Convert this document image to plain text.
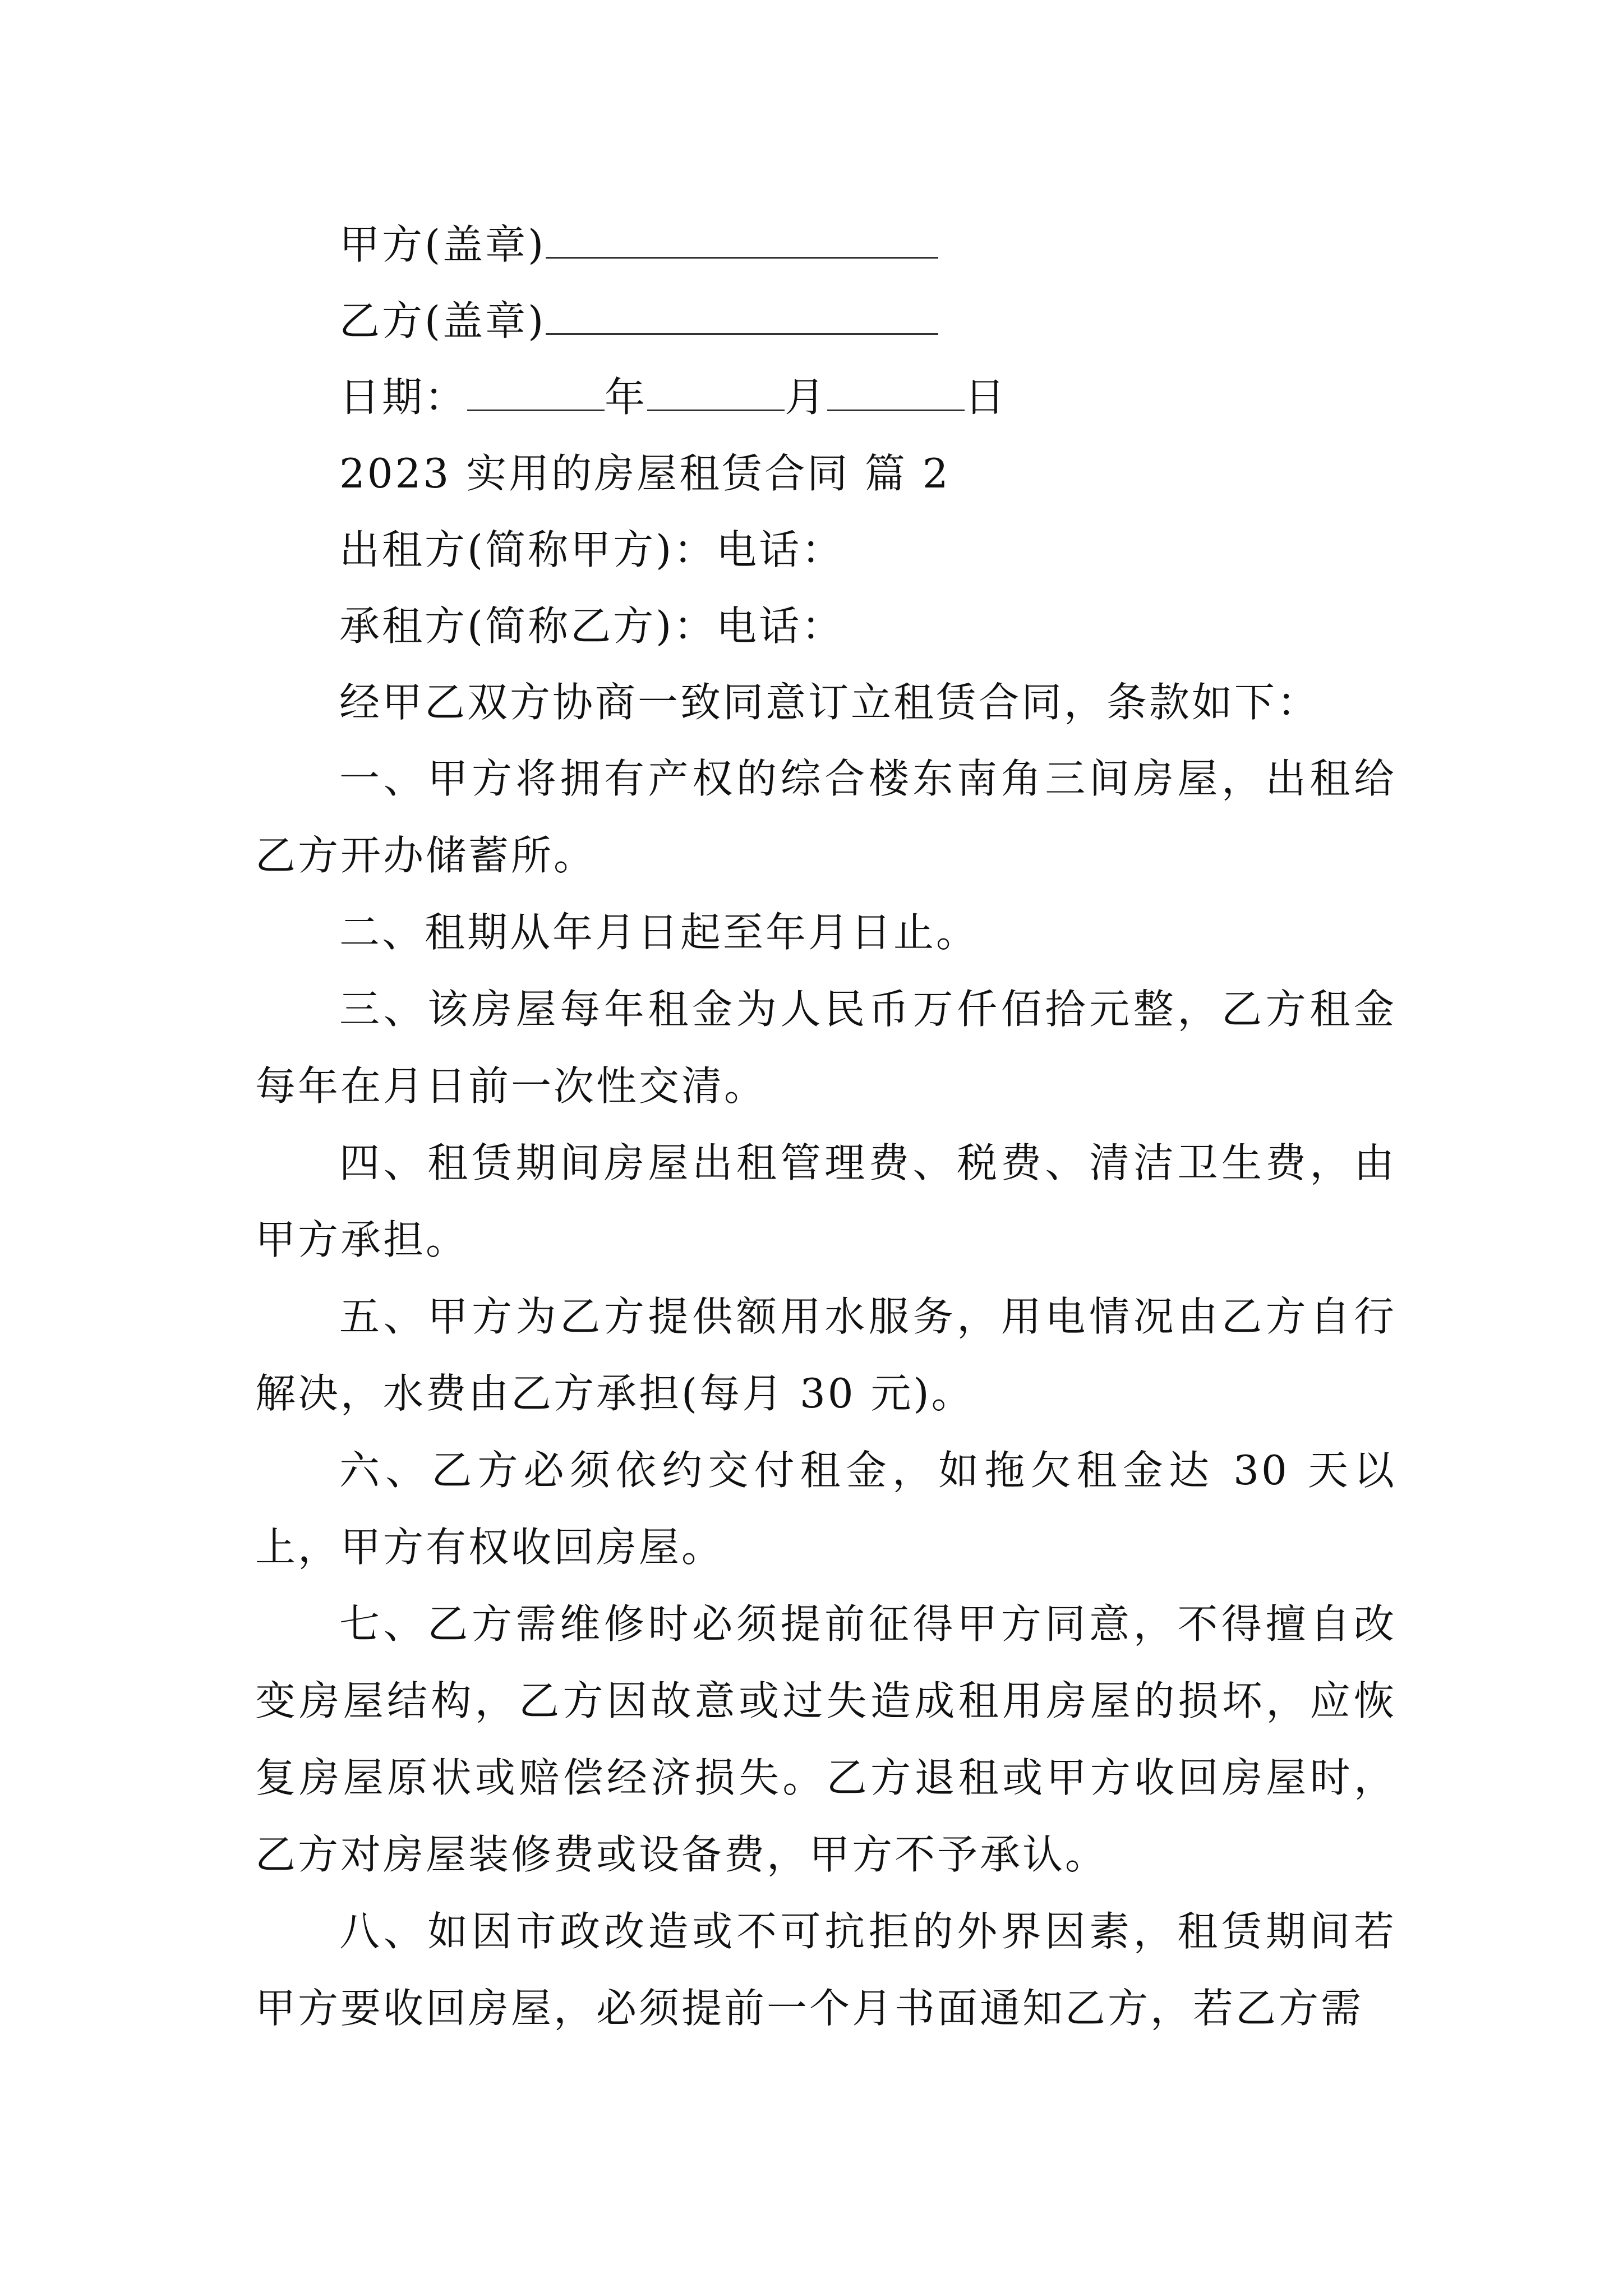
甲方(盖章)
乙方(盖章)
日期：	年	月	日
2023 实用的房屋租赁合同 篇 2
出租方(简称甲方)：电话：
承租方(简称乙方)：电话：
经甲乙双方协商一致同意订立租赁合同，条款如下：

一、甲方将拥有产权的综合楼东南角三间房屋，出租给乙方开办储蓄所。

二、租期从年月日起至年月日止。

三、该房屋每年租金为人民币万仟佰拾元整，乙方租金每年在月日前一次性交清。

四、租赁期间房屋出租管理费、税费、清洁卫生费，由甲方承担。

五、甲方为乙方提供额用水服务，用电情况由乙方自行解决，水费由乙方承担(每月 30 元)。

六、乙方必须依约交付租金，如拖欠租金达 30 天以上，甲方有权收回房屋。

七、乙方需维修时必须提前征得甲方同意，不得擅自改变房屋结构，乙方因故意或过失造成租用房屋的损坏，应恢复房屋原状或赔偿经济损失。乙方退租或甲方收回房屋时，乙方对房屋装修费或设备费，甲方不予承认。

八、如因市政改造或不可抗拒的外界因素，租赁期间若甲方要收回房屋，必须提前一个月书面通知乙方，若乙方需
